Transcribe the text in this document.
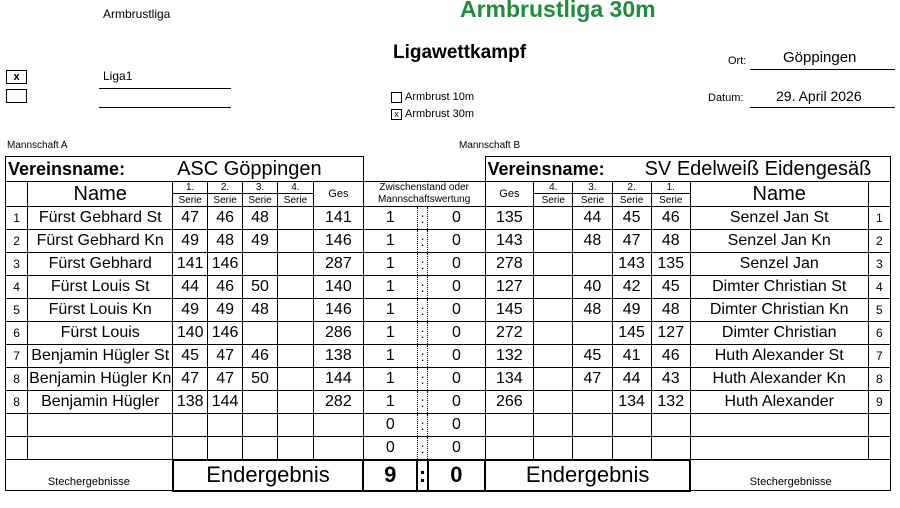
Armbrustliga	Armbrustliga 30m
Ligawettkampf
x	Liga1
Ort: Göppingen
Datum: 29. April 2026
Armbrust 10m
x Armbrust 30m
Mannschaft A	Mannschaft B
Vereinsname: ASC Göppingen										Vereinsname: SV Edelweiß Eidengesäß						
	Name	1.	2.	3.	4.	Ges	Zwischenstand oder			Ges	4.	3.	2.	1.	Name	
		Serie	Serie	Serie	Serie		Mannschaftswertung				Serie	Serie	Serie	Serie		
1	Fürst Gebhard St	47	46	48		141	1	:	0	135		44	45	46	Senzel Jan St	1
2	Fürst Gebhard Kn	49	48	49		146	1	:	0	143		48	47	48	Senzel Jan Kn	2
3	Fürst Gebhard	141	146			287	1	:	0	278			143	135	Senzel Jan	3
4	Fürst Louis St	44	46	50		140	1	:	0	127		40	42	45	Dimter Christian St	4
5	Fürst Louis Kn	49	49	48		146	1	:	0	145		48	49	48	Dimter Christian Kn	5
6	Fürst Louis	140	146			286	1	:	0	272			145	127	Dimter Christian	6
7	Benjamin Hügler St	45	47	46		138	1	:	0	132		45	41	46	Huth Alexander St	7
8	Benjamin Hügler Kn	47	47	50		144	1	:	0	134		47	44	43	Huth Alexander Kn	8
8	Benjamin Hügler	138	144			282	1	:	0	266			134	132	Huth Alexander	9
							0	:	0							
							0	:	0							
Stechergebnisse		Endergebnis					9	:	0	Endergebnis					Stechergebnisse	
